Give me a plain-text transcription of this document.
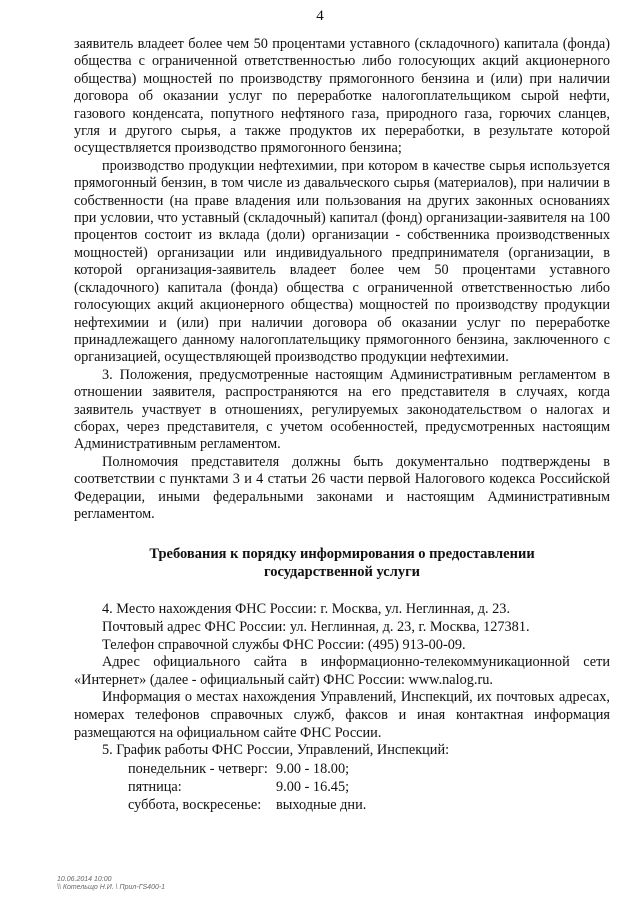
4

заявитель владеет более чем 50 процентами уставного (складочного) капитала (фонда) общества с ограниченной ответственностью либо голосующих акций акционерного общества) мощностей по производству прямогонного бензина и (или) при наличии договора об оказании услуг по переработке налогоплательщиком сырой нефти, газового конденсата, попутного нефтяного газа, природного газа, горючих сланцев, угля и другого сырья, а также продуктов их переработки, в результате которой осуществляется производство прямогонного бензина;

производство продукции нефтехимии, при котором в качестве сырья используется прямогонный бензин, в том числе из давальческого сырья (материалов), при наличии в собственности (на праве владения или пользования на других законных основаниях при условии, что уставный (складочный) капитал (фонд) организации-заявителя на 100 процентов состоит из вклада (доли) организации - собственника производственных мощностей) организации или индивидуального предпринимателя (организации, в которой организация-заявитель владеет более чем 50 процентами уставного (складочного) капитала (фонда) общества с ограниченной ответственностью либо голосующих акций акционерного общества) мощностей по производству продукции нефтехимии и (или) при наличии договора об оказании услуг по переработке принадлежащего данному налогоплательщику прямогонного бензина, заключенного с организацией, осуществляющей производство продукции нефтехимии.

3. Положения, предусмотренные настоящим Административным регламентом в отношении заявителя, распространяются на его представителя в случаях, когда заявитель участвует в отношениях, регулируемых законодательством о налогах и сборах, через представителя, с учетом особенностей, предусмотренных настоящим Административным регламентом.

Полномочия представителя должны быть документально подтверждены в соответствии с пунктами 3 и 4 статьи 26 части первой Налогового кодекса Российской Федерации, иными федеральными законами и настоящим Административным регламентом.

Требования к порядку информирования о предоставлении
государственной услуги

4. Место нахождения ФНС России: г. Москва, ул. Неглинная, д. 23.

Почтовый адрес ФНС России: ул. Неглинная, д. 23, г. Москва, 127381.

Телефон справочной службы ФНС России: (495) 913-00-09.

Адрес официального сайта в информационно-телекоммуникационной сети «Интернет» (далее - официальный сайт) ФНС России: www.nalog.ru.

Информация о местах нахождения Управлений, Инспекций, их почтовых адресах, номерах телефонов справочных служб, факсов и иная контактная информация размещаются на официальном сайте ФНС России.

5. График работы ФНС России, Управлений, Инспекций:

понедельник - четверг: 9.00 - 18.00;
пятница:	9.00 - 16.45;
суббота, воскресенье:	выходные дни.
10.06.2014 10:00
\\ Котельщо Н.И. \ Прил-ГS400-1
